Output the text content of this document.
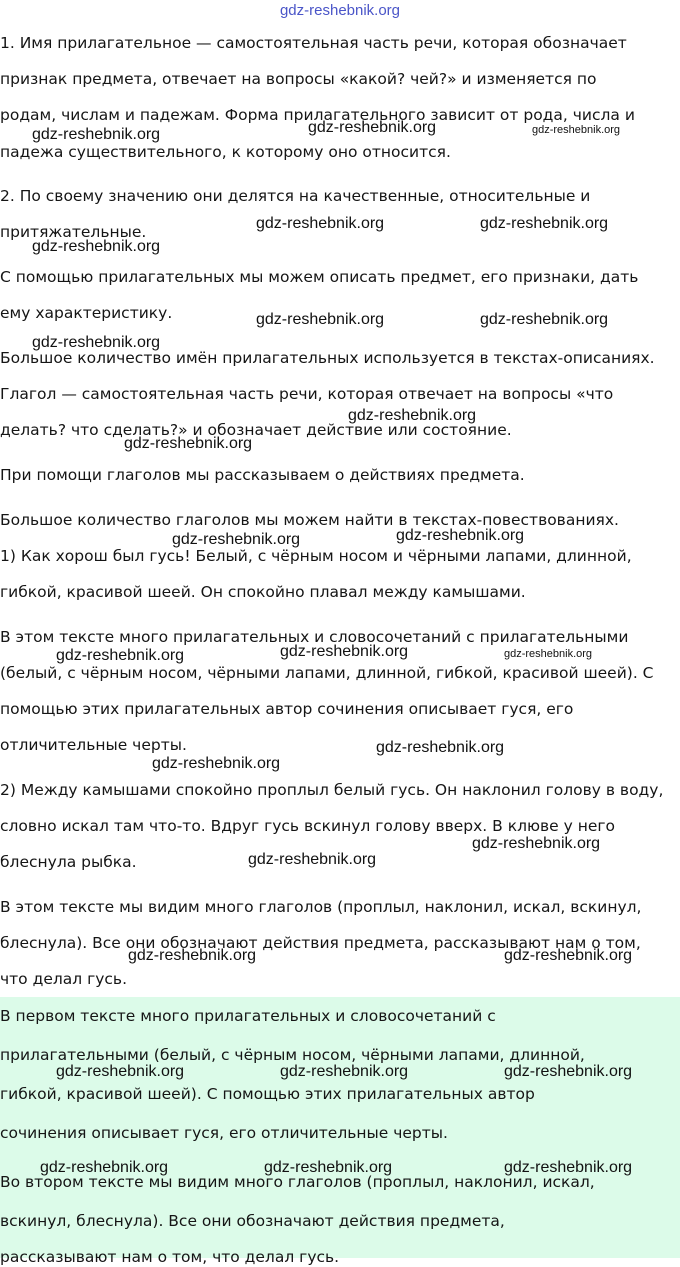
gdz-reshebnik.org
1. Имя прилагательное — самостоятельная часть речи, которая обозначает
признак предмета, отвечает на вопросы «какой? чей?» и изменяется по
родам, числам и падежам. Форма прилагательного зависит от рода, числа и
падежа существительного, к которому оно относится.
2. По своему значению они делятся на качественные, относительные и
притяжательные.
С помощью прилагательных мы можем описать предмет, его признаки, дать
ему характеристику.
Большое количество имён прилагательных используется в текстах-описаниях.
Глагол — самостоятельная часть речи, которая отвечает на вопросы «что
делать? что сделать?» и обозначает действие или состояние.
При помощи глаголов мы рассказываем о действиях предмета.
Большое количество глаголов мы можем найти в текстах-повествованиях.
1) Как хорош был гусь! Белый, с чёрным носом и чёрными лапами, длинной,
гибкой, красивой шеей. Он спокойно плавал между камышами.
В этом тексте много прилагательных и словосочетаний с прилагательными
(белый, с чёрным носом, чёрными лапами, длинной, гибкой, красивой шеей). С
помощью этих прилагательных автор сочинения описывает гуся, его
отличительные черты.
2) Между камышами спокойно проплыл белый гусь. Он наклонил голову в воду,
словно искал там что-то. Вдруг гусь вскинул голову вверх. В клюве у него
блеснула рыбка.
В этом тексте мы видим много глаголов (проплыл, наклонил, искал, вскинул,
блеснула). Все они обозначают действия предмета, рассказывают нам о том,
что делал гусь.
В первом тексте много прилагательных и словосочетаний с
прилагательными (белый, с чёрным носом, чёрными лапами, длинной,
гибкой, красивой шеей). С помощью этих прилагательных автор
сочинения описывает гуся, его отличительные черты.
Во втором тексте мы видим много глаголов (проплыл, наклонил, искал,
вскинул, блеснула). Все они обозначают действия предмета,
рассказывают нам о том, что делал гусь.
gdz-reshebnik.org	gdz-reshebnik.org	gdz-reshebnik.org
gdz-reshebnik.org	gdz-reshebnik.org
gdz-reshebnik.org
gdz-reshebnik.org	gdz-reshebnik.org
gdz-reshebnik.org
gdz-reshebnik.org
gdz-reshebnik.org
gdz-reshebnik.org
gdz-reshebnik.org
gdz-reshebnik.org
gdz-reshebnik.org	gdz-reshebnik.org
gdz-reshebnik.org
gdz-reshebnik.org
gdz-reshebnik.org
gdz-reshebnik.org
gdz-reshebnik.org	gdz-reshebnik.org
gdz-reshebnik.org	gdz-reshebnik.org	gdz-reshebnik.org
gdz-reshebnik.org	gdz-reshebnik.org	gdz-reshebnik.org
